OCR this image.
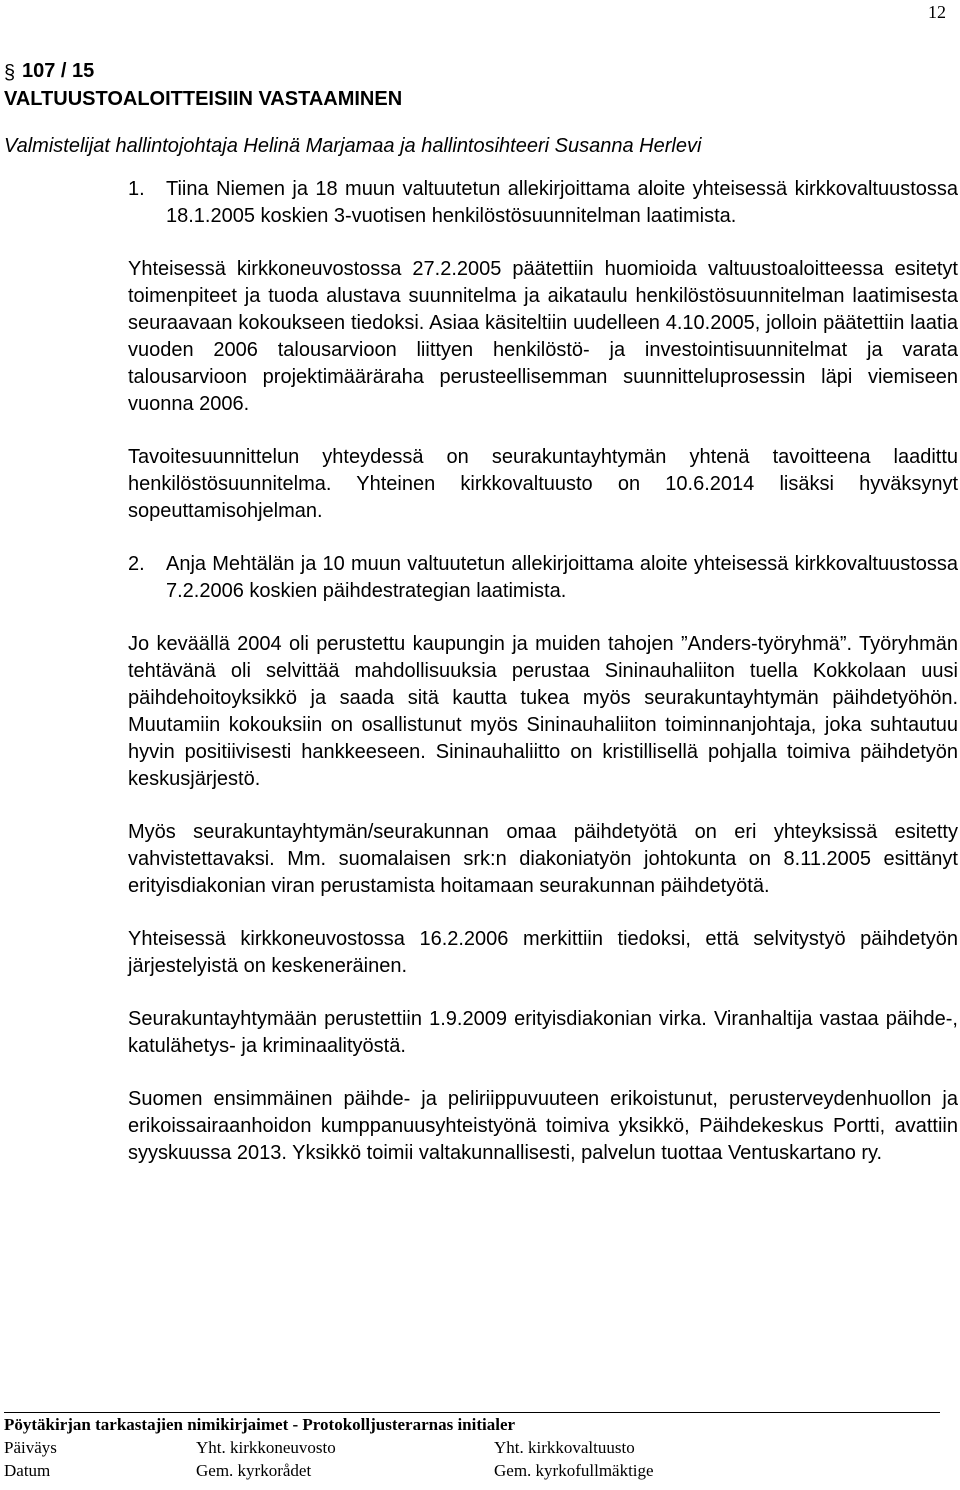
12
§ 107 / 15
VALTUUSTOALOITTEISIIN VASTAAMINEN

Valmistelijat hallintojohtaja Helinä Marjamaa ja hallintosihteeri Susanna Herlevi

1.	Tiina Niemen ja 18 muun valtuutetun allekirjoittama aloite yhteisessä kirkkovaltuustossa 18.1.2005 koskien 3-vuotisen henkilöstösuunnitelman laatimista.

Yhteisessä kirkkoneuvostossa 27.2.2005 päätettiin huomioida valtuustoaloitteessa esitetyt toimenpiteet ja tuoda alustava suunnitelma ja aikataulu henkilöstösuunnitelman laatimisesta seuraavaan kokoukseen tiedoksi. Asiaa käsiteltiin uudelleen 4.10.2005, jolloin päätettiin laatia vuoden 2006 talousarvioon liittyen henkilöstö- ja investointisuunnitelmat ja varata talousarvioon projektimääräraha perusteellisemman suunnitteluprosessin läpi viemiseen vuonna 2006.

Tavoitesuunnittelun yhteydessä on seurakuntayhtymän yhtenä tavoitteena laadittu henkilöstösuunnitelma. Yhteinen kirkkovaltuusto on 10.6.2014 lisäksi hyväksynyt sopeuttamisohjelman.

2.	Anja Mehtälän ja 10 muun valtuutetun allekirjoittama aloite yhteisessä kirkkovaltuustossa 7.2.2006 koskien päihdestrategian laatimista.

Jo keväällä 2004 oli perustettu kaupungin ja muiden tahojen ”Anders-työryhmä”. Työryhmän tehtävänä oli selvittää mahdollisuuksia perustaa Sininauhaliiton tuella Kokkolaan uusi päihdehoitoyksikkö ja saada sitä kautta tukea myös seurakuntayhtymän päihdetyöhön. Muutamiin kokouksiin on osallistunut myös Sininauhaliiton toiminnanjohtaja, joka suhtautuu hyvin positiivisesti hankkeeseen. Sininauhaliitto on kristillisellä pohjalla toimiva päihdetyön keskusjärjestö.

Myös seurakuntayhtymän/seurakunnan omaa päihdetyötä on eri yhteyksissä esitetty vahvistettavaksi. Mm. suomalaisen srk:n diakoniatyön johtokunta on 8.11.2005 esittänyt erityisdiakonian viran perustamista hoitamaan seurakunnan päihdetyötä.

Yhteisessä kirkkoneuvostossa 16.2.2006 merkittiin tiedoksi, että selvitystyö päihdetyön järjestelyistä on keskeneräinen.

Seurakuntayhtymään perustettiin 1.9.2009 erityisdiakonian virka. Viranhaltija vastaa päihde-, katulähetys- ja kriminaalityöstä.

Suomen ensimmäinen päihde- ja peliriippuvuuteen erikoistunut, perusterveydenhuollon ja erikoissairaanhoidon kumppanuusyhteistyönä toimiva yksikkö, Päihdekeskus Portti, avattiin syyskuussa 2013. Yksikkö toimii valtakunnallisesti, palvelun tuottaa Ventuskartano ry.

Pöytäkirjan tarkastajien nimikirjaimet - Protokolljusterarnas initialer
Päiväys	Yht. kirkkoneuvosto	Yht. kirkkovaltuusto
Datum	Gem. kyrkorådet	Gem. kyrkofullmäktige
